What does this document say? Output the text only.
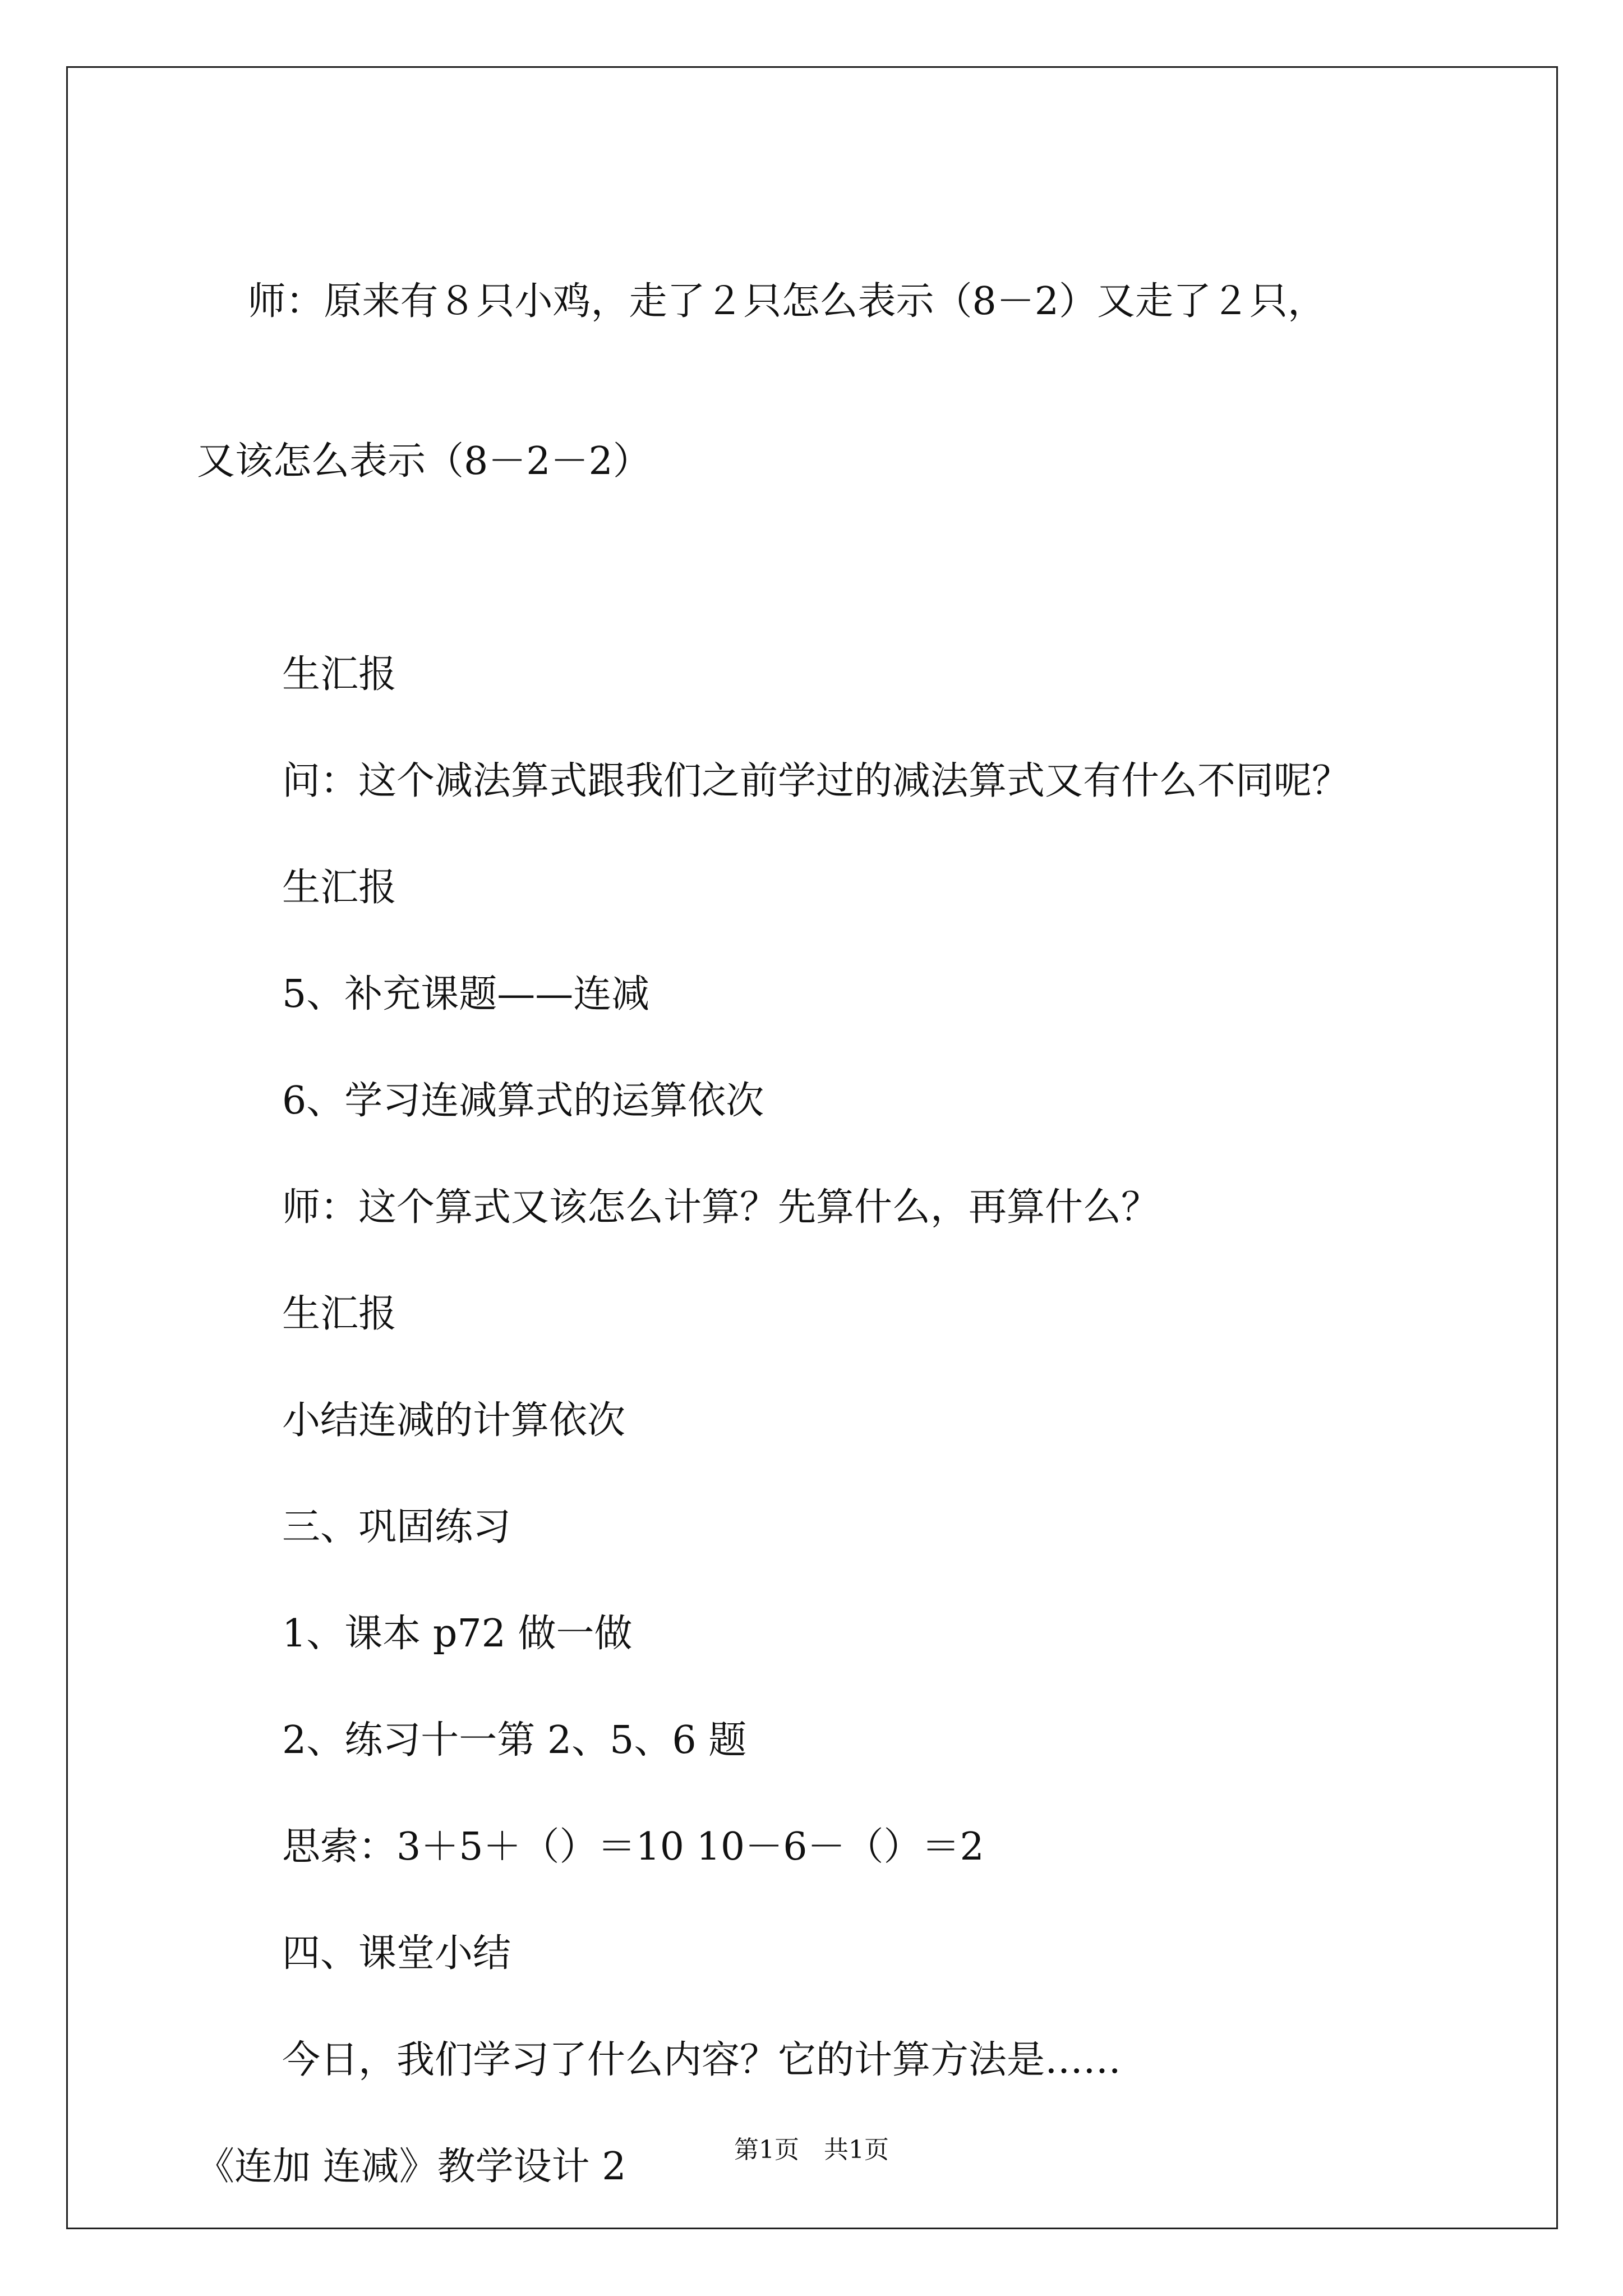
师：原来有８只小鸡，走了２只怎么表示（8－2）又走了２只，

又该怎么表示（8－2－2）

生汇报

问：这个减法算式跟我们之前学过的减法算式又有什么不同呢？

生汇报

5、补充课题——连减

6、学习连减算式的运算依次

师：这个算式又该怎么计算？先算什么，再算什么？

生汇报

小结连减的计算依次

三、巩固练习

1、课本 p72 做一做

2、练习十一第 2、5、6 题

思索：3＋5＋（）＝10 10－6－（）＝2

四、课堂小结

今日，我们学习了什么内容？它的计算方法是……

《连加 连减》教学设计 2	第1页　共1页
